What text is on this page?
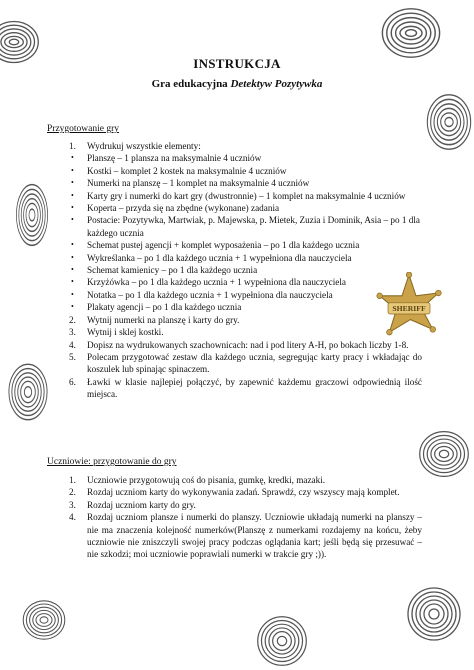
INSTRUKCJA
Gra edukacyjna Detektyw Pozytywka
Przygotowanie gry
1. Wydrukuj wszystkie elementy:
• Planszę – 1 plansza na maksymalnie 4 uczniów
• Kostki – komplet 2 kostek na maksymalnie 4 uczniów
• Numerki na planszę – 1 komplet na maksymalnie 4 uczniów
• Karty gry i numerki do kart gry (dwustronnie) – 1 komplet na maksymalnie 4 uczniów
• Koperta – przyda się na zbędne (wykonane) zadania
• Postacie: Pozytywka, Martwiak, p. Majewska, p. Mietek, Zuzia i Dominik, Asia – po 1 dla każdego ucznia
• Schemat pustej agencji + komplet wyposażenia – po 1 dla każdego ucznia
• Wykreślanka – po 1 dla każdego ucznia + 1 wypełniona dla nauczyciela
• Schemat kamienicy – po 1 dla każdego ucznia
• Krzyżówka – po 1 dla każdego ucznia + 1 wypełniona dla nauczyciela
• Notatka – po 1 dla każdego ucznia + 1 wypełniona dla nauczyciela
• Plakaty agencji – po 1 dla każdego ucznia
2. Wytnij numerki na planszę i karty do gry.
3. Wytnij i sklej kostki.
4. Dopisz na wydrukowanych szachownicach: nad i pod litery A-H, po bokach liczby 1-8.
5. Polecam przygotować zestaw dla każdego ucznia, segregując karty pracy i wkładając do koszulek lub spinając spinaczem.
6. Ławki w klasie najlepiej połączyć, by zapewnić każdemu graczowi odpowiednią ilość miejsca.
SHERIFF
Uczniowie: przygotowanie do gry
1. Uczniowie przygotowują coś do pisania, gumkę, kredki, mazaki.
2. Rozdaj uczniom karty do wykonywania zadań. Sprawdź, czy wszyscy mają komplet.
3. Rozdaj uczniom karty do gry.
4. Rozdaj uczniom plansze i numerki do planszy. Uczniowie układają numerki na planszy – nie ma znaczenia kolejność numerków(Planszę z numerkami rozdajemy na końcu, żeby uczniowie nie zniszczyli swojej pracy podczas oglądania kart; jeśli będą się przesuwać – nie szkodzi; moi uczniowie poprawiali numerki w trakcie gry ;)).
